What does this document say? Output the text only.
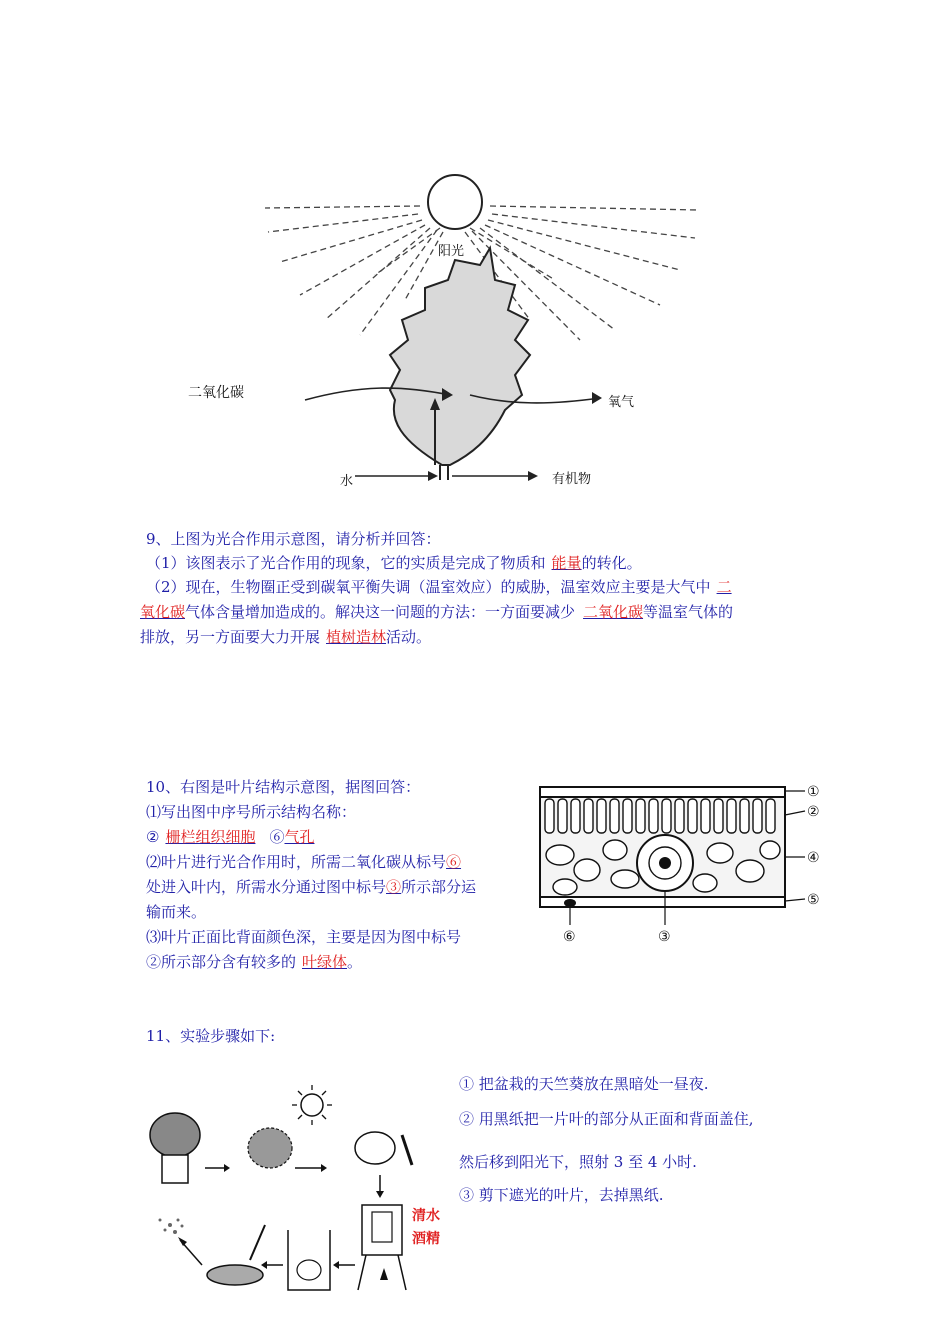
阳光
二氧化碳
氧气
水	有机物
9、上图为光合作用示意图，请分析并回答：
（1）该图表示了光合作用的现象，它的实质是完成了物质和 能量的转化。
（2）现在，生物圈正受到碳氧平衡失调（温室效应）的威胁，温室效应主要是大气中 二
氧化碳气体含量增加造成的。解决这一问题的方法：一方面要减少 二氧化碳等温室气体的
排放，另一方面要大力开展 植树造林活动。
10、右图是叶片结构示意图，据图回答：
⑴写出图中序号所示结构名称：
② 栅栏组织细胞 ⑥气孔
⑵叶片进行光合作用时，所需二氧化碳从标号⑥
处进入叶内，所需水分通过图中标号③所示部分运
输而来。
⑶叶片正面比背面颜色深，主要是因为图中标号
②所示部分含有较多的 叶绿体。
①
②
④
⑤
⑥	③
11、实验步骤如下:
清水
酒精
① 把盆栽的天竺葵放在黑暗处一昼夜.
② 用黑纸把一片叶的部分从正面和背面盖住,
然后移到阳光下，照射 3 至 4 小时.
③ 剪下遮光的叶片，去掉黑纸.
